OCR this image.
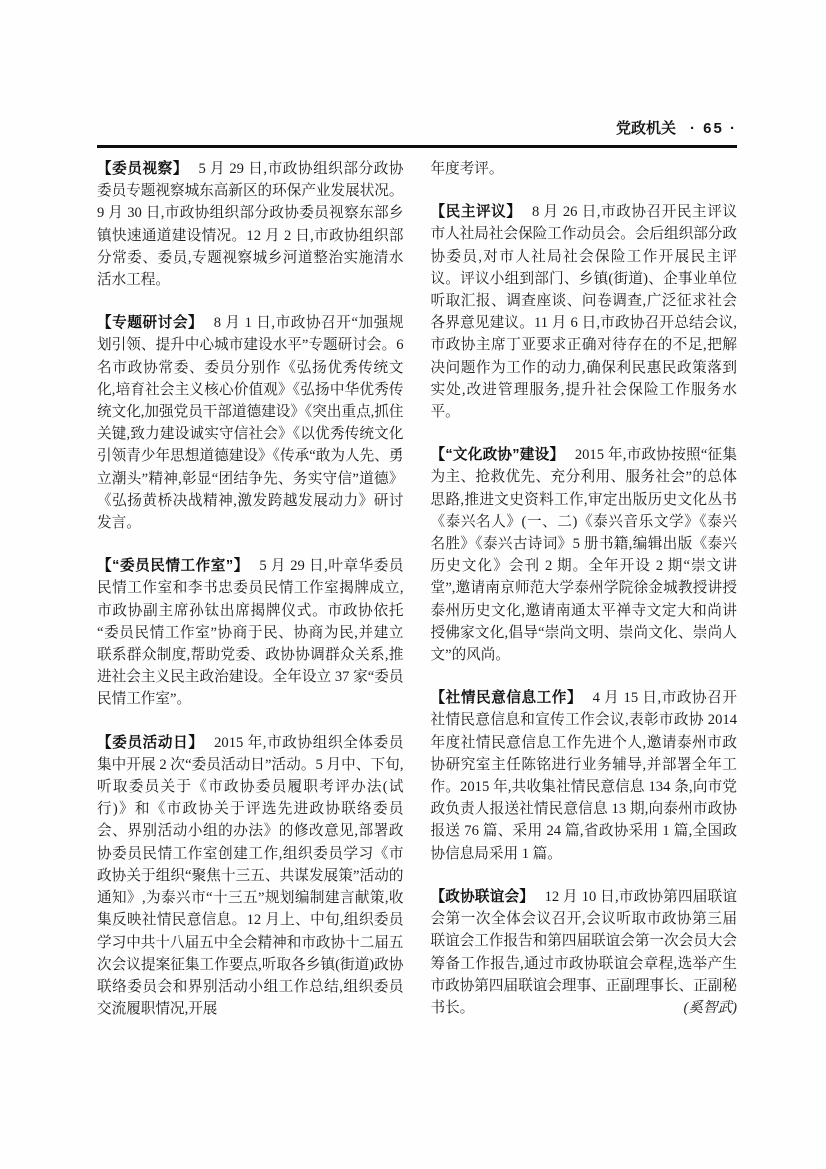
党政机关 · 65 ·

【委员视察】 5 月 29 日,市政协组织部分政协委员专题视察城东高新区的环保产业发展状况。9 月 30 日,市政协组织部分政协委员视察东部乡镇快速通道建设情况。12 月 2 日,市政协组织部分常委、委员,专题视察城乡河道整治实施清水活水工程。

【专题研讨会】 8 月 1 日,市政协召开“加强规划引领、提升中心城市建设水平”专题研讨会。6 名市政协常委、委员分别作《弘扬优秀传统文化,培育社会主义核心价值观》《弘扬中华优秀传统文化,加强党员干部道德建设》《突出重点,抓住关键,致力建设诚实守信社会》《以优秀传统文化引领青少年思想道德建设》《传承“敢为人先、勇立潮头”精神,彰显“团结争先、务实守信”道德》《弘扬黄桥决战精神,激发跨越发展动力》研讨发言。

【“委员民情工作室”】 5 月 29 日,叶章华委员民情工作室和李书忠委员民情工作室揭牌成立,市政协副主席孙钛出席揭牌仪式。市政协依托“委员民情工作室”协商于民、协商为民,并建立联系群众制度,帮助党委、政协协调群众关系,推进社会主义民主政治建设。全年设立 37 家“委员民情工作室”。

【委员活动日】 2015 年,市政协组织全体委员集中开展 2 次“委员活动日”活动。5 月中、下旬,听取委员关于《市政协委员履职考评办法(试行)》和《市政协关于评选先进政协联络委员会、界别活动小组的办法》的修改意见,部署政协委员民情工作室创建工作,组织委员学习《市政协关于组织“聚焦十三五、共谋发展策”活动的通知》,为泰兴市“十三五”规划编制建言献策,收集反映社情民意信息。12 月上、中旬,组织委员学习中共十八届五中全会精神和市政协十二届五次会议提案征集工作要点,听取各乡镇(街道)政协联络委员会和界别活动小组工作总结,组织委员交流履职情况,开展

年度考评。

【民主评议】 8 月 26 日,市政协召开民主评议市人社局社会保险工作动员会。会后组织部分政协委员,对市人社局社会保险工作开展民主评议。评议小组到部门、乡镇(街道)、企事业单位听取汇报、调查座谈、问卷调查,广泛征求社会各界意见建议。11 月 6 日,市政协召开总结会议,市政协主席丁亚要求正确对待存在的不足,把解决问题作为工作的动力,确保利民惠民政策落到实处,改进管理服务,提升社会保险工作服务水平。

【“文化政协”建设】 2015 年,市政协按照“征集为主、抢救优先、充分利用、服务社会”的总体思路,推进文史资料工作,审定出版历史文化丛书《泰兴名人》(一、二)《泰兴音乐文学》《泰兴名胜》《泰兴古诗词》5 册书籍,编辑出版《泰兴历史文化》会刊 2 期。全年开设 2 期“崇文讲堂”,邀请南京师范大学泰州学院徐金城教授讲授泰州历史文化,邀请南通太平禅寺文定大和尚讲授佛家文化,倡导“崇尚文明、崇尚文化、崇尚人文”的风尚。

【社情民意信息工作】 4 月 15 日,市政协召开社情民意信息和宣传工作会议,表彰市政协 2014 年度社情民意信息工作先进个人,邀请泰州市政协研究室主任陈铭进行业务辅导,并部署全年工作。2015 年,共收集社情民意信息 134 条,向市党政负责人报送社情民意信息 13 期,向泰州市政协报送 76 篇、采用 24 篇,省政协采用 1 篇,全国政协信息局采用 1 篇。

【政协联谊会】 12 月 10 日,市政协第四届联谊会第一次全体会议召开,会议听取市政协第三届联谊会工作报告和第四届联谊会第一次会员大会筹备工作报告,通过市政协联谊会章程,选举产生市政协第四届联谊会理事、正副理事长、正副秘书长。	(奚智武)
